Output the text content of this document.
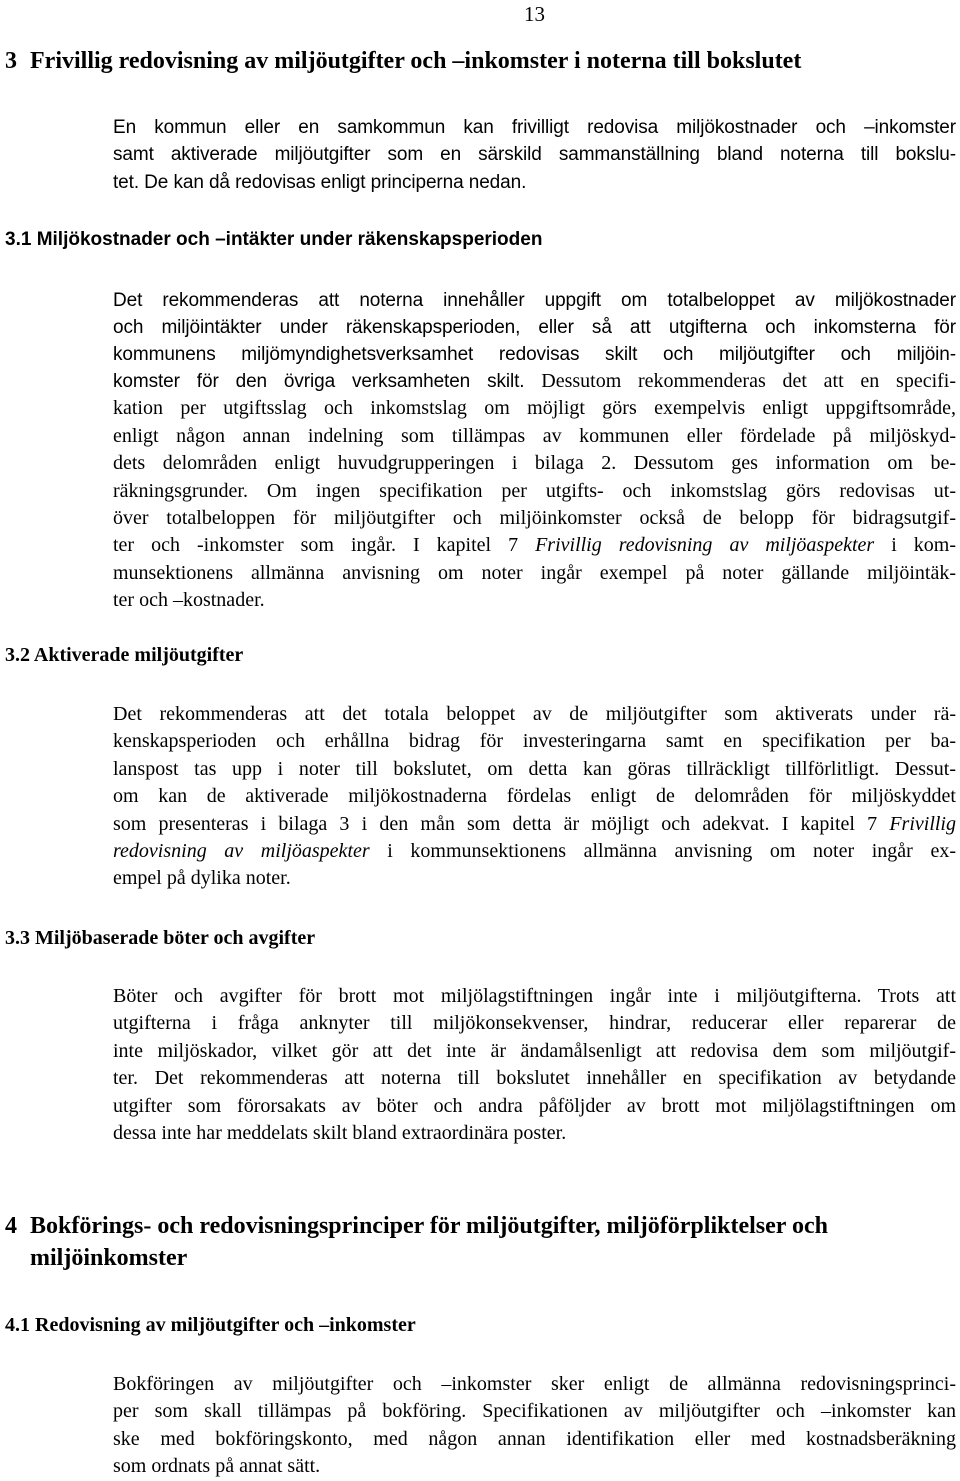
13
3 Frivillig redovisning av miljöutgifter och –inkomster i noterna till bokslutet
En kommun eller en samkommun kan frivilligt redovisa miljökostnader och –inkomster
samt aktiverade miljöutgifter som en särskild sammanställning bland noterna till bokslu-
tet. De kan då redovisas enligt principerna nedan.
3.1 Miljökostnader och –intäkter under räkenskapsperioden
Det rekommenderas att noterna innehåller uppgift om totalbeloppet av miljökostnader
och miljöintäkter under räkenskapsperioden, eller så att utgifterna och inkomsterna för
kommunens miljömyndighetsverksamhet redovisas skilt och miljöutgifter och miljöin-
komster för den övriga verksamheten skilt. Dessutom rekommenderas det att en specifi-
kation per utgiftsslag och inkomstslag om möjligt görs exempelvis enligt uppgiftsområde,
enligt någon annan indelning som tillämpas av kommunen eller fördelade på miljöskyd-
dets delområden enligt huvudgrupperingen i bilaga 2. Dessutom ges information om be-
räkningsgrunder. Om ingen specifikation per utgifts- och inkomstslag görs redovisas ut-
över totalbeloppen för miljöutgifter och miljöinkomster också de belopp för bidragsutgif-
ter och -inkomster som ingår. I kapitel 7 Frivillig redovisning av miljöaspekter i kom-
munsektionens allmänna anvisning om noter ingår exempel på noter gällande miljöintäk-
ter och –kostnader.
3.2 Aktiverade miljöutgifter
Det rekommenderas att det totala beloppet av de miljöutgifter som aktiverats under rä-
kenskapsperioden och erhållna bidrag för investeringarna samt en specifikation per ba-
lanspost tas upp i noter till bokslutet, om detta kan göras tillräckligt tillförlitligt. Dessut-
om kan de aktiverade miljökostnaderna fördelas enligt de delområden för miljöskyddet
som presenteras i bilaga 3 i den mån som detta är möjligt och adekvat. I kapitel 7 Frivillig
redovisning av miljöaspekter i kommunsektionens allmänna anvisning om noter ingår ex-
empel på dylika noter.
3.3 Miljöbaserade böter och avgifter
Böter och avgifter för brott mot miljölagstiftningen ingår inte i miljöutgifterna. Trots att
utgifterna i fråga anknyter till miljökonsekvenser, hindrar, reducerar eller reparerar de
inte miljöskador, vilket gör att det inte är ändamålsenligt att redovisa dem som miljöutgif-
ter. Det rekommenderas att noterna till bokslutet innehåller en specifikation av betydande
utgifter som förorsakats av böter och andra påföljder av brott mot miljölagstiftningen om
dessa inte har meddelats skilt bland extraordinära poster.
4 Bokförings- och redovisningsprinciper för miljöutgifter, miljöförpliktelser och
miljöinkomster
4.1 Redovisning av miljöutgifter och –inkomster
Bokföringen av miljöutgifter och –inkomster sker enligt de allmänna redovisningsprinci-
per som skall tillämpas på bokföring. Specifikationen av miljöutgifter och –inkomster kan
ske med bokföringskonto, med någon annan identifikation eller med kostnadsberäkning
som ordnats på annat sätt.
